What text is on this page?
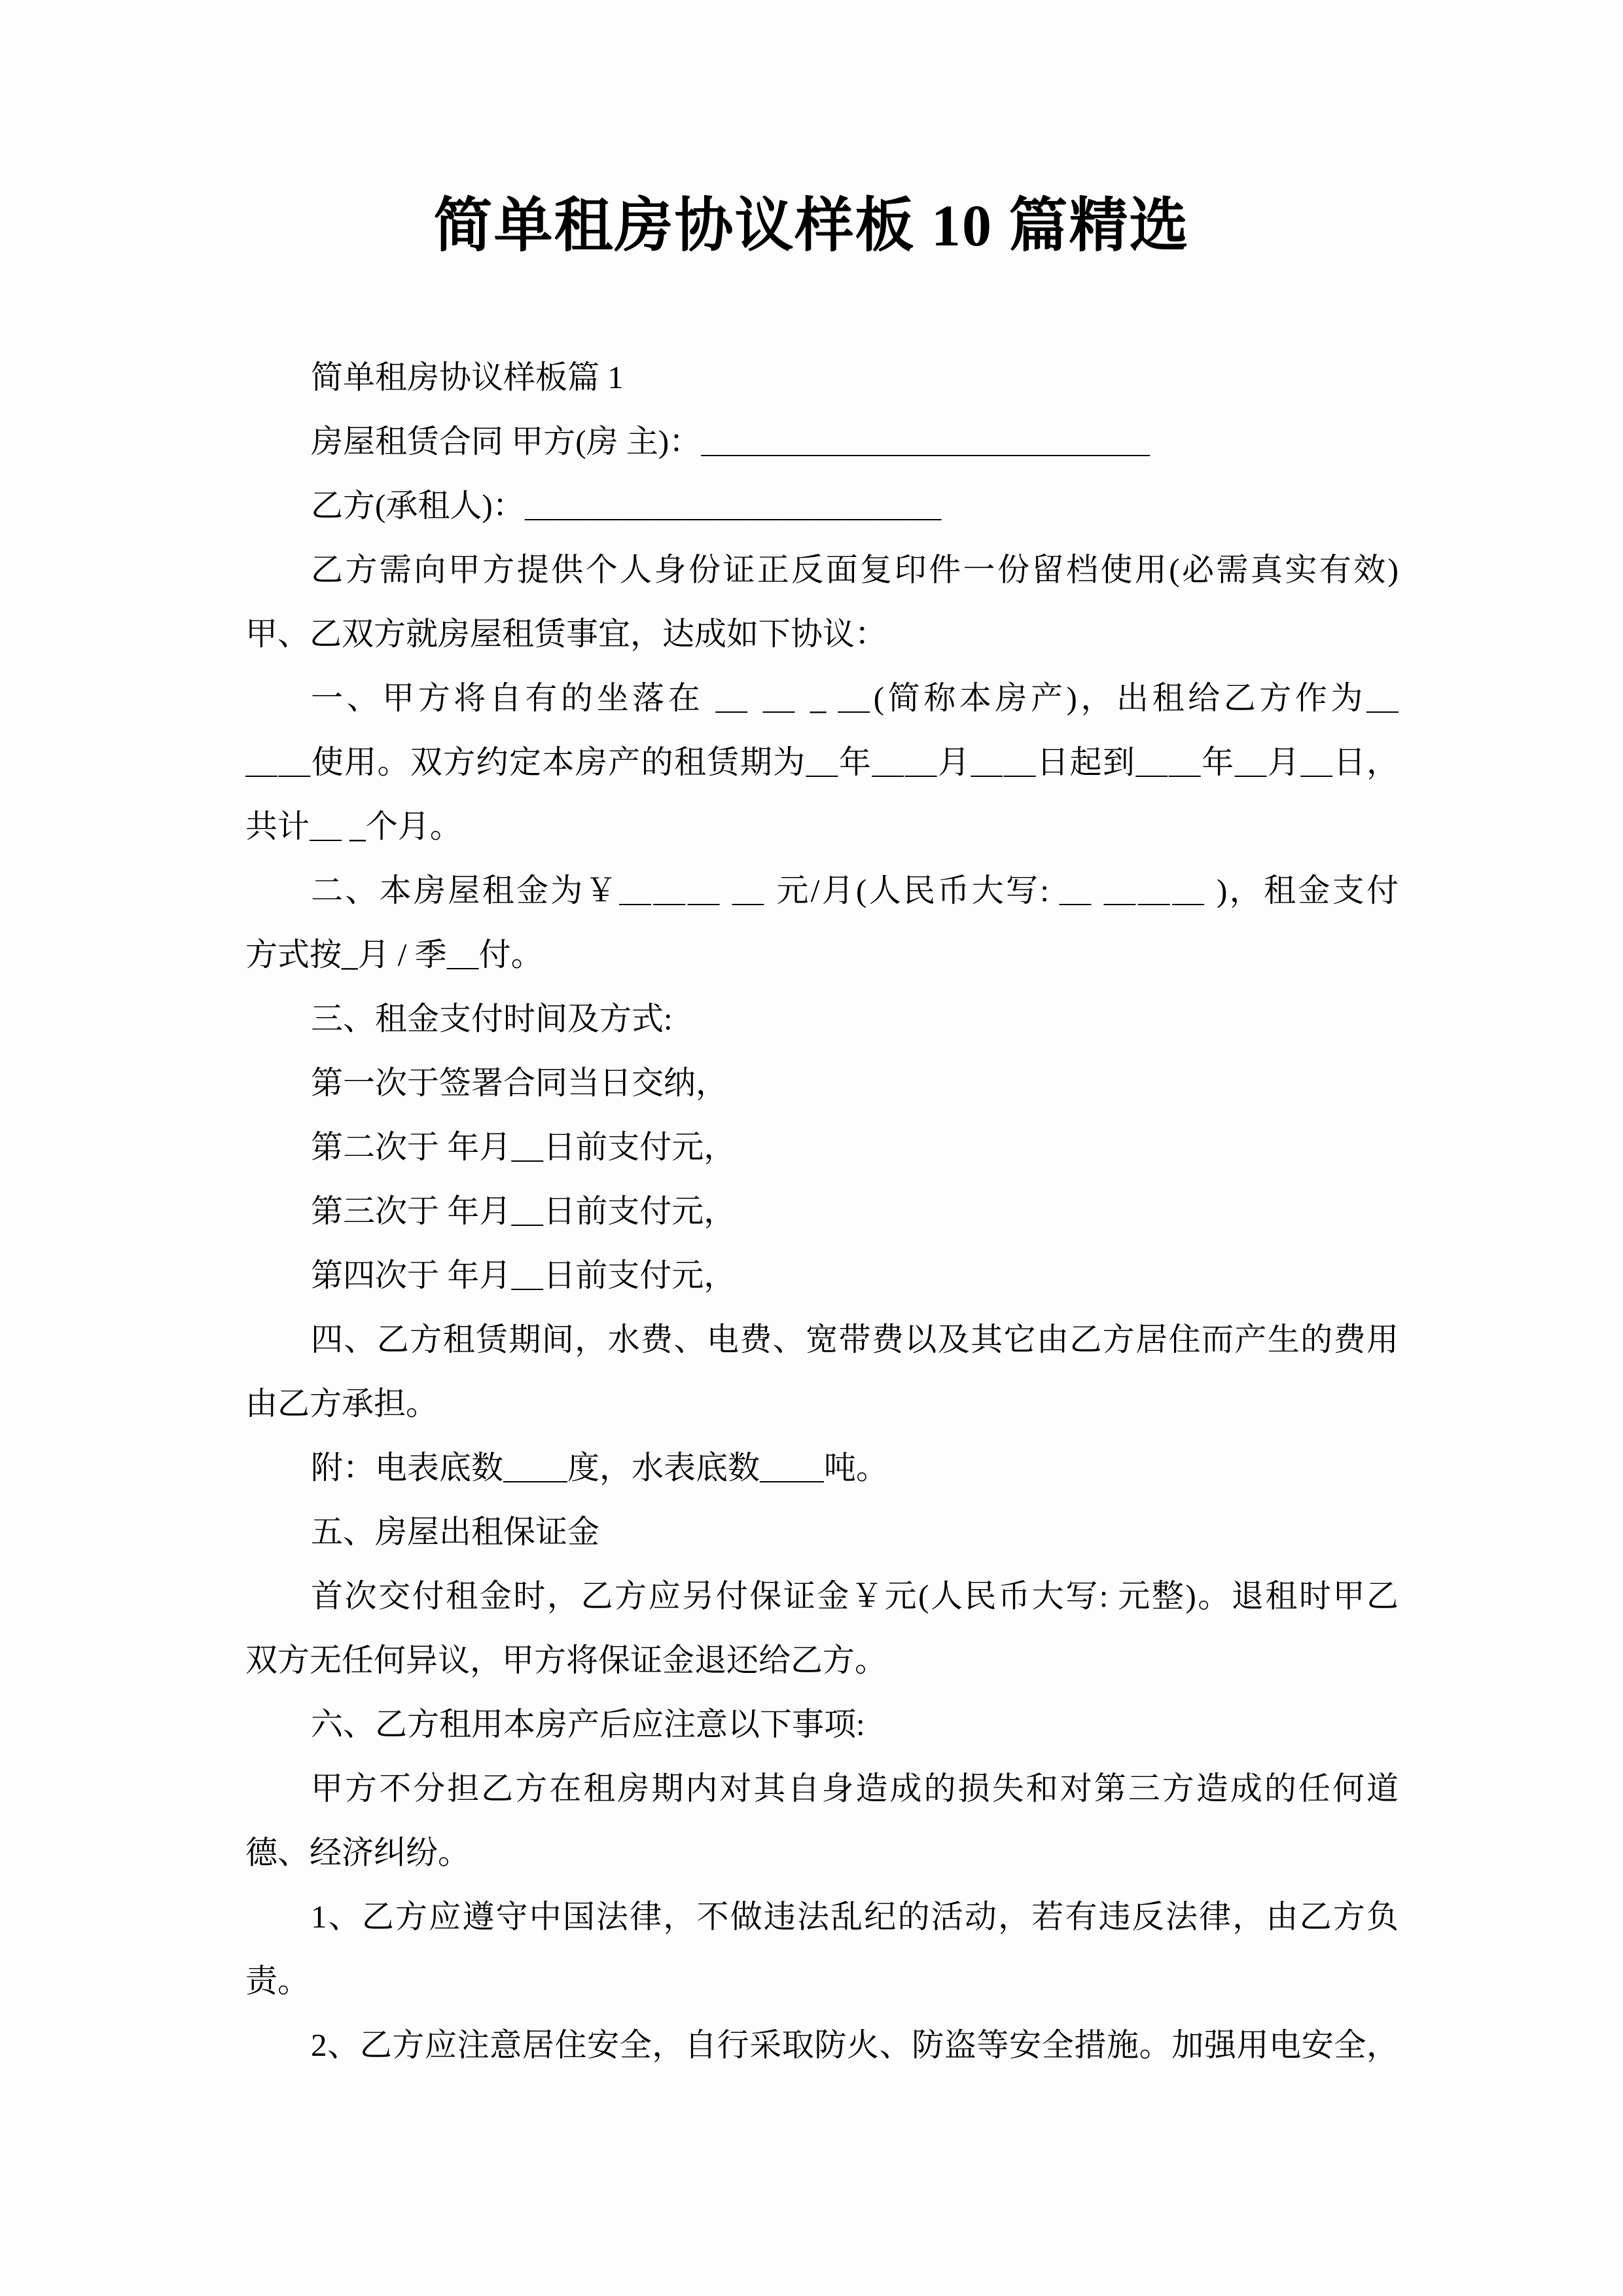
简单租房协议样板 10 篇精选
简单租房协议样板篇 1
房屋租赁合同 甲方(房 主)：＿＿＿＿＿＿＿＿＿＿＿＿＿＿
乙方(承租人)：＿＿＿＿＿＿＿＿＿＿＿＿＿
乙方需向甲方提供个人身份证正反面复印件一份留档使用(必需真实有效)
甲、乙双方就房屋租赁事宜，达成如下协议：
一、甲方将自有的坐落在 ＿ ＿ _ ＿(简称本房产)，出租给乙方作为＿
＿＿使用。双方约定本房产的租赁期为＿年＿＿月＿＿日起到＿＿年＿月＿日，
共计＿ _个月。
二、本房屋租金为￥＿＿＿ ＿ 元/月(人民币大写: ＿ ＿＿＿ )，租金支付
方式按_月 / 季＿付。
三、租金支付时间及方式:
第一次于签署合同当日交纳，
第二次于 年月＿日前支付元，
第三次于 年月＿日前支付元，
第四次于 年月＿日前支付元，
四、乙方租赁期间，水费、电费、宽带费以及其它由乙方居住而产生的费用
由乙方承担。
附：电表底数＿＿度，水表底数＿＿吨。
五、房屋出租保证金
首次交付租金时，乙方应另付保证金￥元(人民币大写: 元整)。退租时甲乙
双方无任何异议，甲方将保证金退还给乙方。
六、乙方租用本房产后应注意以下事项:
甲方不分担乙方在租房期内对其自身造成的损失和对第三方造成的任何道
德、经济纠纷。
1、乙方应遵守中国法律，不做违法乱纪的活动，若有违反法律，由乙方负
责。
2、乙方应注意居住安全，自行采取防火、防盗等安全措施。加强用电安全，
